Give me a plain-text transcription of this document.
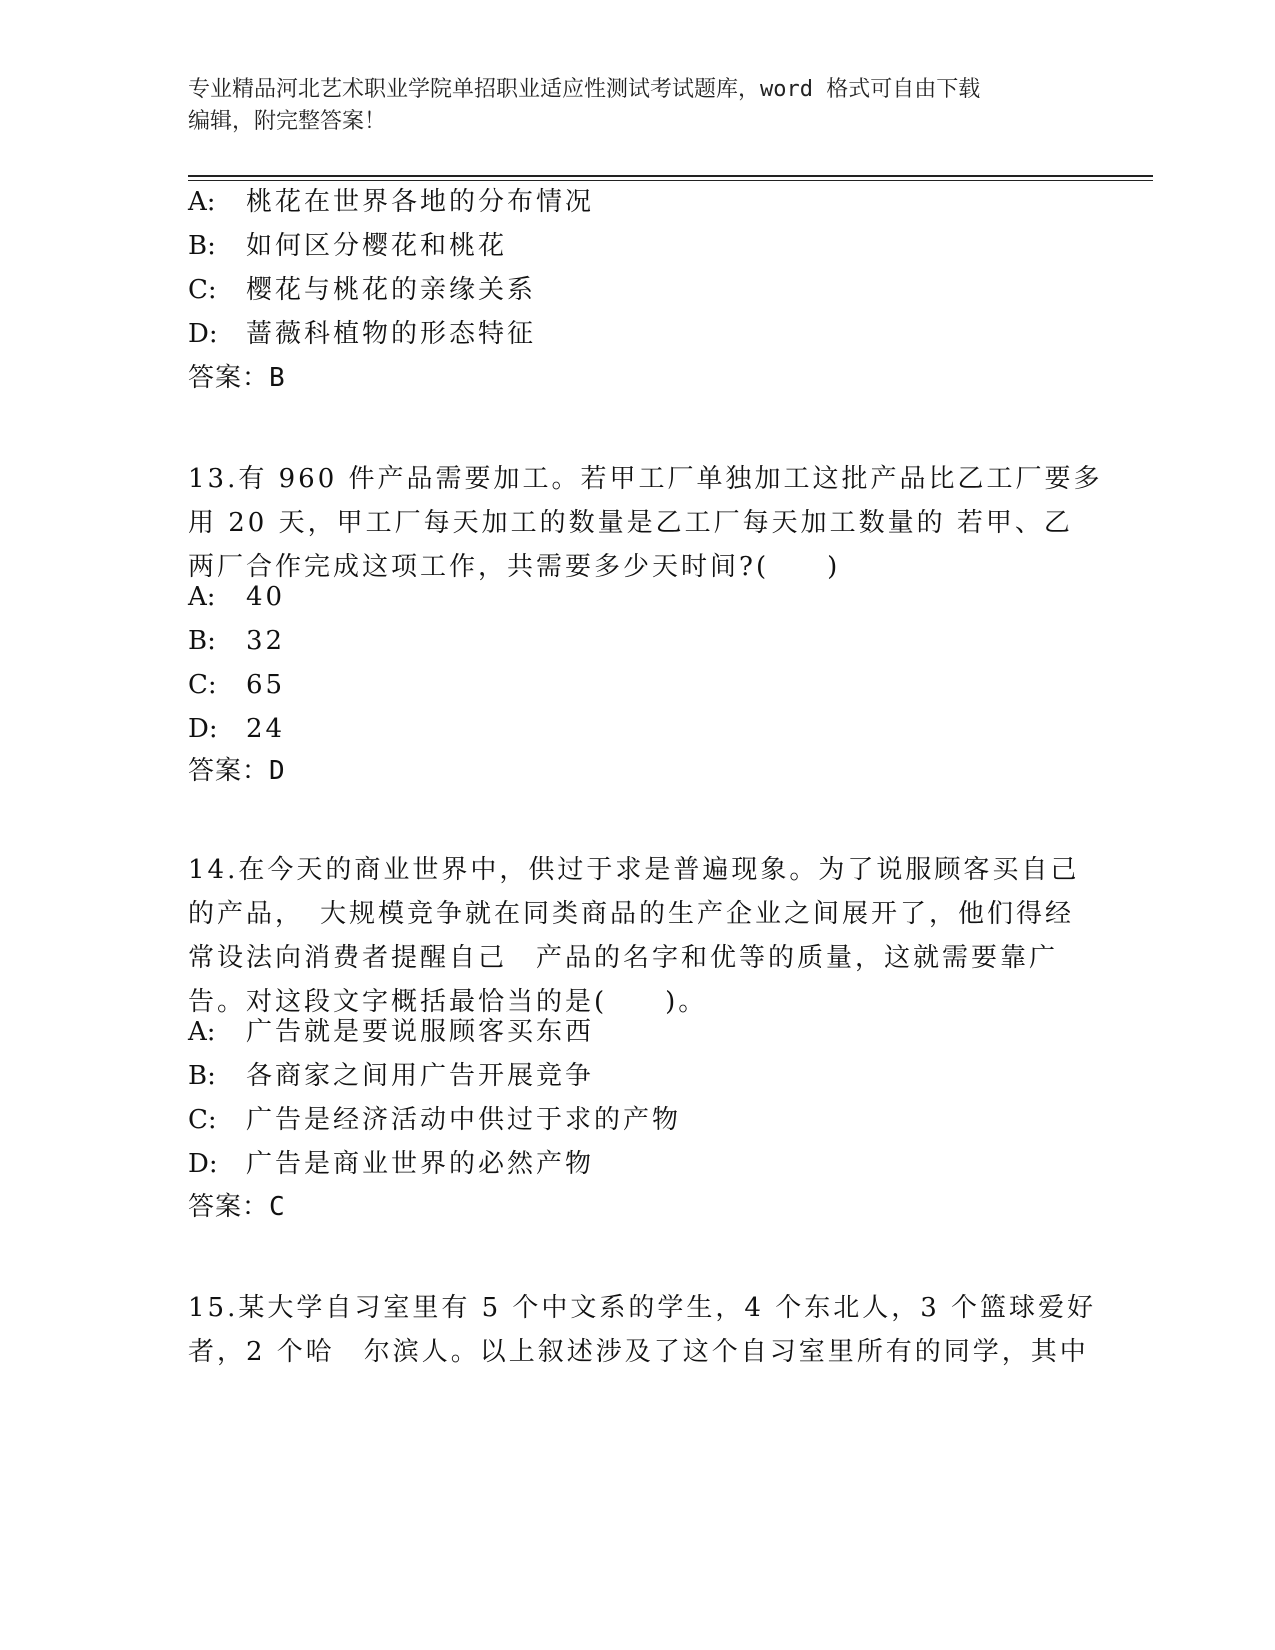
专业精品河北艺术职业学院单招职业适应性测试考试题库，word 格式可自由下载
编辑，附完整答案！
A:	桃花在世界各地的分布情况
B:	如何区分樱花和桃花
C:	樱花与桃花的亲缘关系
D:	蔷薇科植物的形态特征
答案：B
13.有 960 件产品需要加工。若甲工厂单独加工这批产品比乙工厂要多
用 20 天，甲工厂每天加工的数量是乙工厂每天加工数量的 若甲、乙
两厂合作完成这项工作，共需要多少天时间?(　　)
A:	40
B:	32
C:	65
D:	24
答案：D
14.在今天的商业世界中，供过于求是普遍现象。为了说服顾客买自己
的产品，　大规模竞争就在同类商品的生产企业之间展开了，他们得经
常设法向消费者提醒自己　产品的名字和优等的质量，这就需要靠广
告。对这段文字概括最恰当的是(　　)。
A:	广告就是要说服顾客买东西
B:	各商家之间用广告开展竞争
C:	广告是经济活动中供过于求的产物
D:	广告是商业世界的必然产物
答案：C
15.某大学自习室里有 5 个中文系的学生，4 个东北人，3 个篮球爱好
者，2 个哈　尔滨人。以上叙述涉及了这个自习室里所有的同学，其中
